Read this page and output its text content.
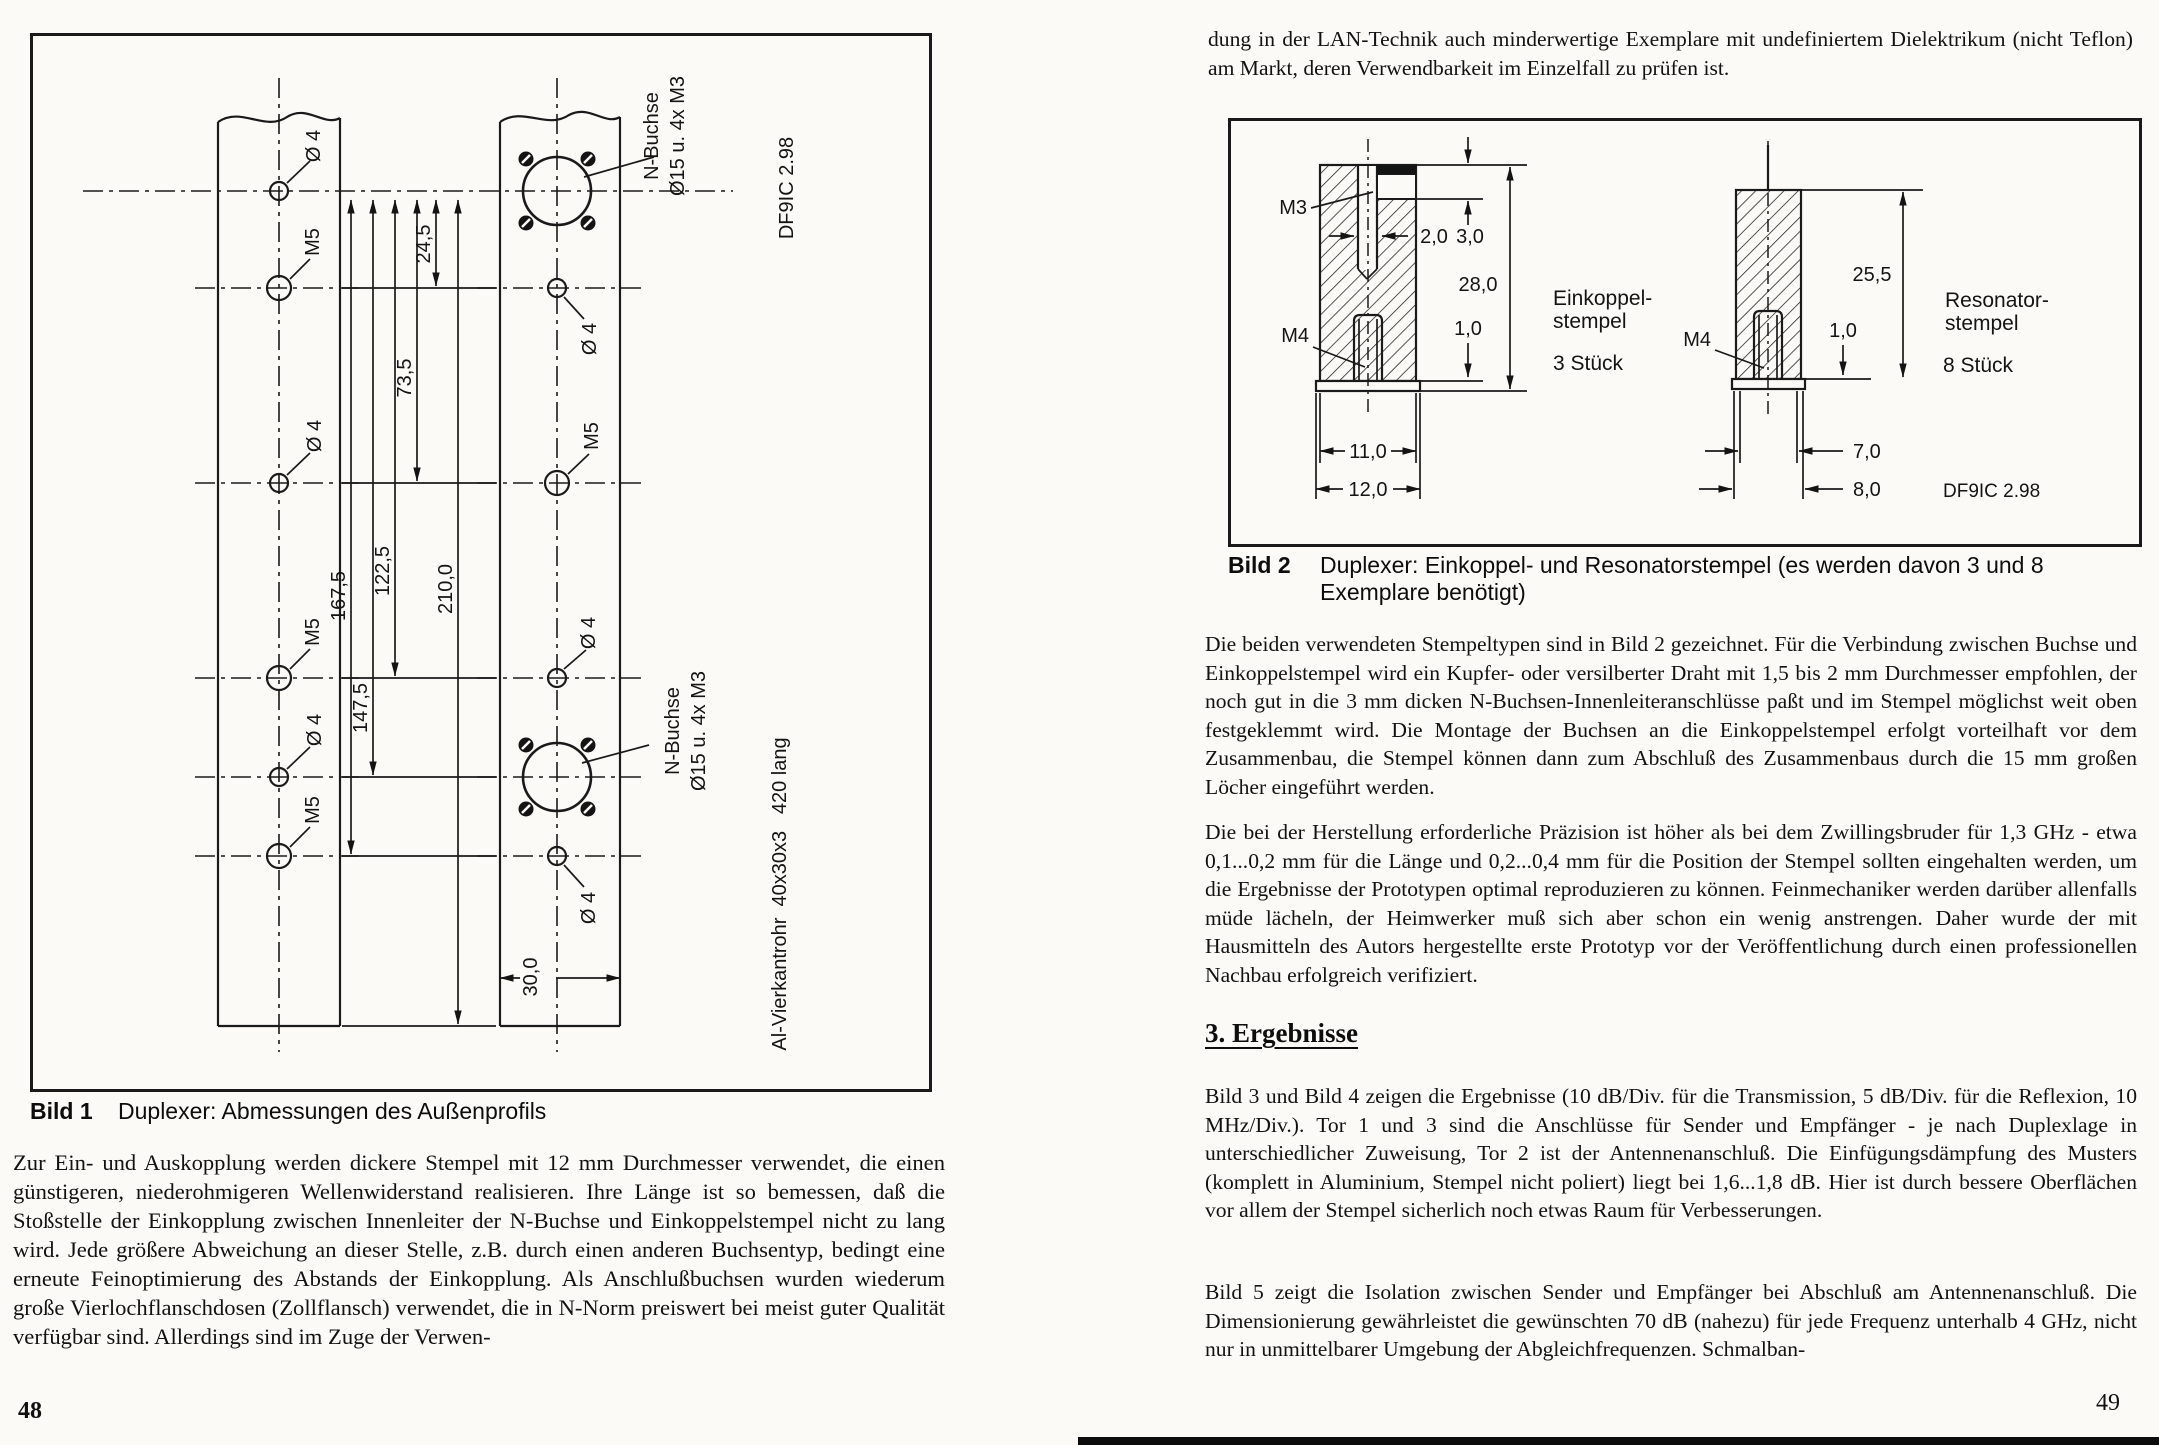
167,5
147,5
122,5
73,5
24,5
210,0
30,0
Ø 4
M5
Ø 4
M5
Ø 4
M5
Ø 4
M5
Ø 4
Ø 4
N-Buchse Ø15 u. 4x M3
N-Buchse Ø15 u. 4x M3
DF9IC 2.98
Al-Vierkantrohr  40x30x3   420 lang
Bild 1	Duplexer: Abmessungen des Außenprofils
Zur Ein- und Auskopplung werden dickere Stempel mit 12 mm Durchmesser verwendet, die einen günstigeren, niederohmigeren Wellenwiderstand realisieren. Ihre Länge ist so bemessen, daß die Stoßstelle der Einkopplung zwischen Innenleiter der N-Buchse und Einkoppelstempel nicht zu lang wird. Jede größere Abweichung an dieser Stelle, z.B. durch einen anderen Buchsentyp, bedingt eine erneute Feinoptimierung des Abstands der Einkopplung. Als Anschlußbuchsen wurden wiederum große Vierlochflanschdosen (Zollflansch) verwendet, die in N-Norm preiswert bei meist guter Qualität verfügbar sind. Allerdings sind im Zuge der Verwen-
48
dung in der LAN-Technik auch minderwertige Exemplare mit undefiniertem Dielektrikum (nicht Teflon) am Markt, deren Verwendbarkeit im Einzelfall zu prüfen ist.
M3
M4
2,0 3,0
28,0
1,0
11,0
12,0
Einkoppel-
stempel
3 Stück
M4	1,0
25,5
7,0
8,0
Resonator-
stempel
8 Stück
DF9IC 2.98
Bild 2	Duplexer: Einkoppel- und Resonatorstempel (es werden davon 3 und 8 Exemplare benötigt)
Die beiden verwendeten Stempeltypen sind in Bild 2 gezeichnet. Für die Verbindung zwischen Buchse und Einkoppelstempel wird ein Kupfer- oder versilberter Draht mit 1,5 bis 2 mm Durchmesser empfohlen, der noch gut in die 3 mm dicken N-Buchsen-Innenleiteranschlüsse paßt und im Stempel möglichst weit oben festgeklemmt wird. Die Montage der Buchsen an die Einkoppelstempel erfolgt vorteilhaft vor dem Zusammenbau, die Stempel können dann zum Abschluß des Zusammenbaus durch die 15 mm großen Löcher eingeführt werden.
Die bei der Herstellung erforderliche Präzision ist höher als bei dem Zwillingsbruder für 1,3 GHz - etwa 0,1...0,2 mm für die Länge und 0,2...0,4 mm für die Position der Stempel sollten eingehalten werden, um die Ergebnisse der Prototypen optimal reproduzieren zu können. Feinmechaniker werden darüber allenfalls müde lächeln, der Heimwerker muß sich aber schon ein wenig anstrengen. Daher wurde der mit Hausmitteln des Autors hergestellte erste Prototyp vor der Veröffentlichung durch einen professionellen Nachbau erfolgreich verifiziert.
3. Ergebnisse
Bild 3 und Bild 4 zeigen die Ergebnisse (10 dB/Div. für die Transmission, 5 dB/Div. für die Reflexion, 10 MHz/Div.). Tor 1 und 3 sind die Anschlüsse für Sender und Empfänger - je nach Duplexlage in unterschiedlicher Zuweisung, Tor 2 ist der Antennenanschluß. Die Einfügungsdämpfung des Musters (komplett in Aluminium, Stempel nicht poliert) liegt bei 1,6...1,8 dB. Hier ist durch bessere Oberflächen vor allem der Stempel sicherlich noch etwas Raum für Verbesserungen.
Bild 5 zeigt die Isolation zwischen Sender und Empfänger bei Abschluß am Antennenanschluß. Die Dimensionierung gewährleistet die gewünschten 70 dB (nahezu) für jede Frequenz unterhalb 4 GHz, nicht nur in unmittelbarer Umgebung der Abgleichfrequenzen. Schmalban-
49
